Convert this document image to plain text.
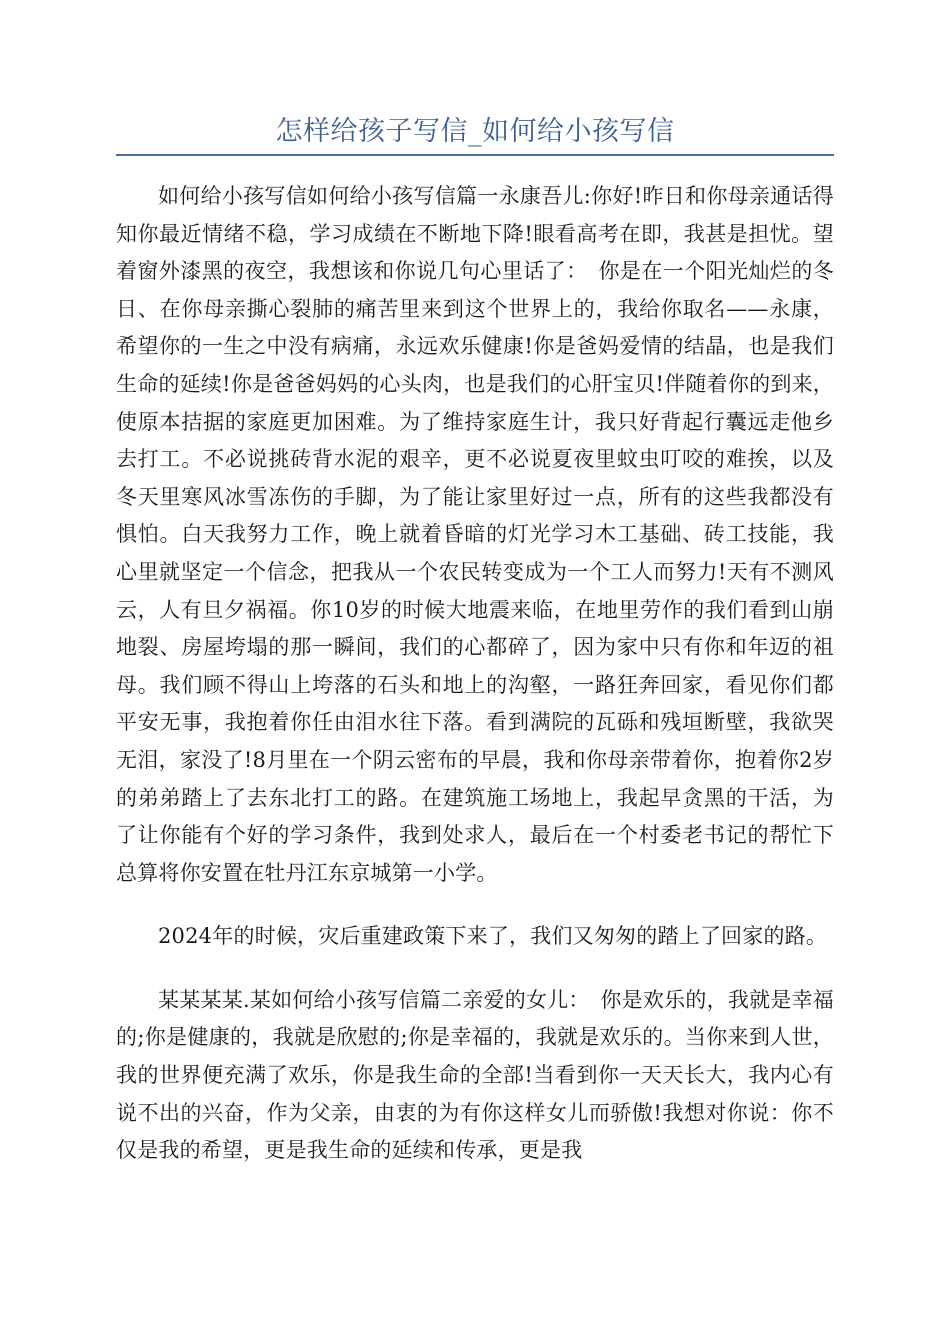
怎样给孩子写信_如何给小孩写信

如何给小孩写信如何给小孩写信篇一永康吾儿:你好!昨日和你母亲通话得知你最近情绪不稳，学习成绩在不断地下降!眼看高考在即，我甚是担忧。望着窗外漆黑的夜空，我想该和你说几句心里话了：　你是在一个阳光灿烂的冬日、在你母亲撕心裂肺的痛苦里来到这个世界上的，我给你取名——永康，希望你的一生之中没有病痛，永远欢乐健康!你是爸妈爱情的结晶，也是我们生命的延续!你是爸爸妈妈的心头肉，也是我们的心肝宝贝!伴随着你的到来，使原本拮据的家庭更加困难。为了维持家庭生计，我只好背起行囊远走他乡去打工。不必说挑砖背水泥的艰辛，更不必说夏夜里蚊虫叮咬的难挨，以及冬天里寒风冰雪冻伤的手脚，为了能让家里好过一点，所有的这些我都没有惧怕。白天我努力工作，晚上就着昏暗的灯光学习木工基础、砖工技能，我心里就坚定一个信念，把我从一个农民转变成为一个工人而努力!天有不测风云，人有旦夕祸福。你10岁的时候大地震来临，在地里劳作的我们看到山崩地裂、房屋垮塌的那一瞬间，我们的心都碎了，因为家中只有你和年迈的祖母。我们顾不得山上垮落的石头和地上的沟壑，一路狂奔回家，看见你们都平安无事，我抱着你任由泪水往下落。看到满院的瓦砾和残垣断壁，我欲哭无泪，家没了!8月里在一个阴云密布的早晨，我和你母亲带着你，抱着你2岁的弟弟踏上了去东北打工的路。在建筑施工场地上，我起早贪黑的干活，为了让你能有个好的学习条件，我到处求人，最后在一个村委老书记的帮忙下总算将你安置在牡丹江东京城第一小学。

2024年的时候，灾后重建政策下来了，我们又匆匆的踏上了回家的路。

某某某某.某如何给小孩写信篇二亲爱的女儿：　你是欢乐的，我就是幸福的;你是健康的，我就是欣慰的;你是幸福的，我就是欢乐的。当你来到人世，我的世界便充满了欢乐，你是我生命的全部!当看到你一天天长大，我内心有说不出的兴奋，作为父亲，由衷的为有你这样女儿而骄傲!我想对你说：你不仅是我的希望，更是我生命的延续和传承，更是我
